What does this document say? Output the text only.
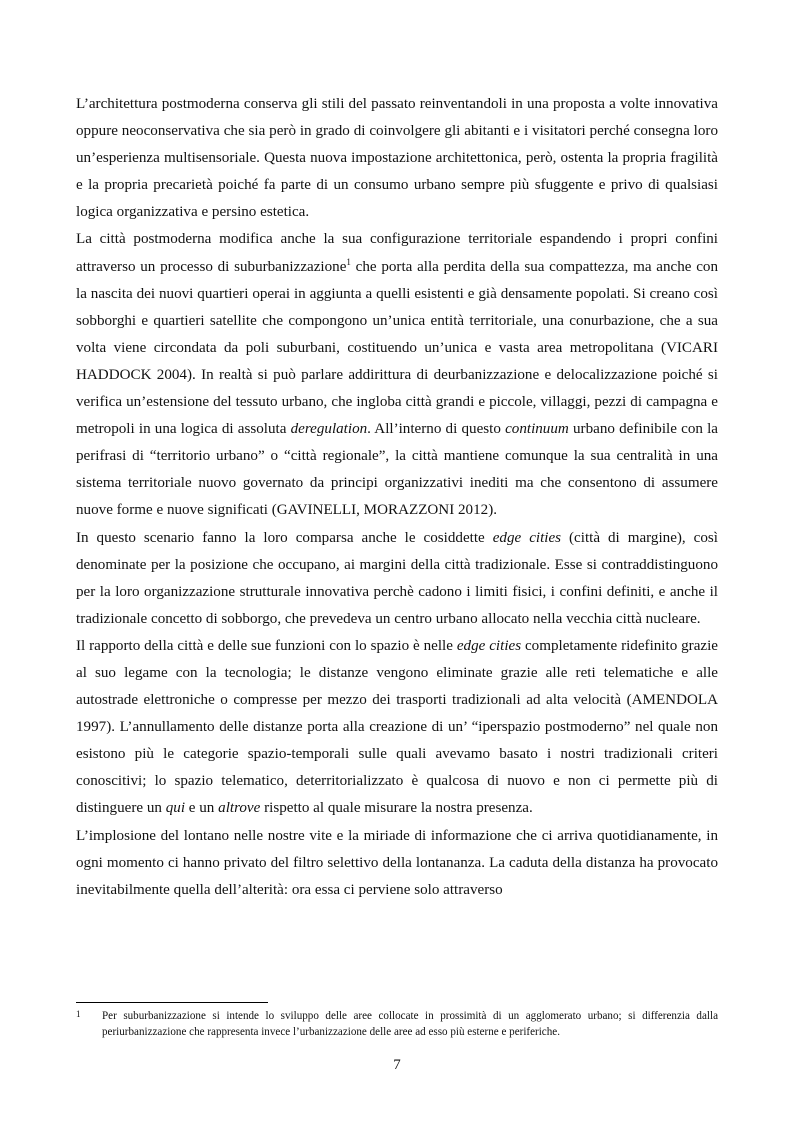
L’architettura postmoderna conserva gli stili del passato reinventandoli in una proposta a volte innovativa oppure neoconservativa che sia però in grado di coinvolgere gli abitanti e i visitatori perché consegna loro un’esperienza multisensoriale. Questa nuova impostazione architettonica, però, ostenta la propria fragilità e la propria precarietà poiché fa parte di un consumo urbano sempre più sfuggente e privo di qualsiasi logica organizzativa e persino estetica.

La città postmoderna modifica anche la sua configurazione territoriale espandendo i propri confini attraverso un processo di suburbanizzazione$^1$ che porta alla perdita della sua compattezza, ma anche con la nascita dei nuovi quartieri operai in aggiunta a quelli esistenti e già densamente popolati. Si creano così sobborghi e quartieri satellite che compongono un’unica entità territoriale, una conurbazione, che a sua volta viene circondata da poli suburbani, costituendo un’unica e vasta area metropolitana (VICARI HADDOCK 2004). In realtà si può parlare addirittura di deurbanizzazione e delocalizzazione poiché si verifica un’estensione del tessuto urbano, che ingloba città grandi e piccole, villaggi, pezzi di campagna e metropoli in una logica di assoluta deregulation. All’interno di questo continuum urbano definibile con la perifrasi di “territorio urbano” o “città regionale”, la città mantiene comunque la sua centralità in una sistema territoriale nuovo governato da principi organizzativi inediti ma che consentono di assumere nuove forme e nuove significati (GAVINELLI, MORAZZONI 2012).

In questo scenario fanno la loro comparsa anche le cosiddette edge cities (città di margine), così denominate per la posizione che occupano, ai margini della città tradizionale. Esse si contraddistinguono per la loro organizzazione strutturale innovativa perchè cadono i limiti fisici, i confini definiti, e anche il tradizionale concetto di sobborgo, che prevedeva un centro urbano allocato nella vecchia città nucleare.

Il rapporto della città e delle sue funzioni con lo spazio è nelle edge cities completamente ridefinito grazie al suo legame con la tecnologia; le distanze vengono eliminate grazie alle reti telematiche e alle autostrade elettroniche o compresse per mezzo dei trasporti tradizionali ad alta velocità (AMENDOLA 1997). L’annullamento delle distanze porta alla creazione di un’ “iperspazio postmoderno” nel quale non esistono più le categorie spazio-temporali sulle quali avevamo basato i nostri tradizionali criteri conoscitivi; lo spazio telematico, deterritorializzato è qualcosa di nuovo e non ci permette più di distinguere un qui e un altrove rispetto al quale misurare la nostra presenza.

L’implosione del lontano nelle nostre vite e la miriade di informazione che ci arriva quotidianamente, in ogni momento ci hanno privato del filtro selettivo della lontananza. La caduta della distanza ha provocato inevitabilmente quella dell’alterità: ora essa ci perviene solo attraverso

1 Per suburbanizzazione si intende lo sviluppo delle aree collocate in prossimità di un agglomerato urbano; si differenzia dalla periurbanizzazione che rappresenta invece l’urbanizzazione delle aree ad esso più esterne e periferiche.
7
